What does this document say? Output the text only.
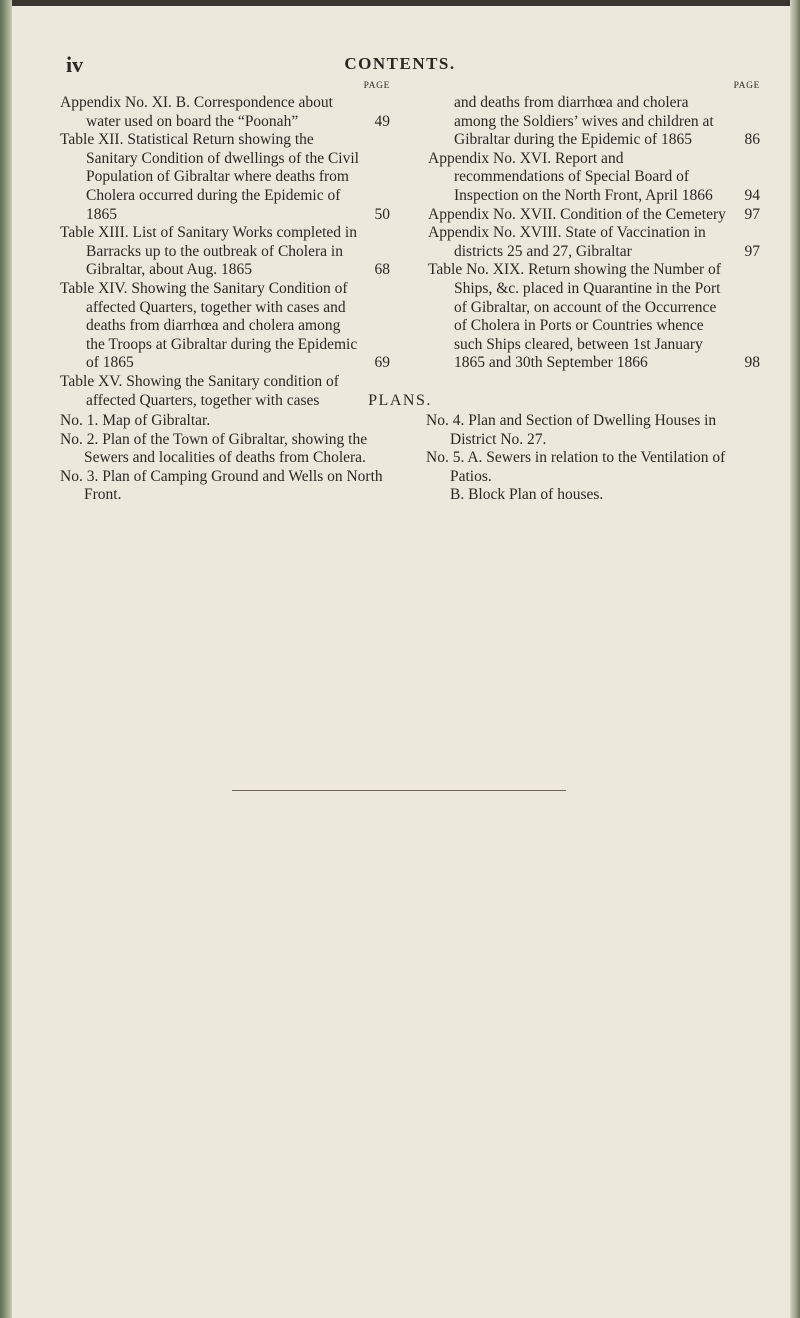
iv	CONTENTS.
PAGE
Appendix No. XI. B. Correspondence about water used on board the “Poonah”	49
Table XII. Statistical Return showing the Sanitary Condition of dwellings of the Civil Population of Gibraltar where deaths from Cholera occurred during the Epidemic of 1865	50
Table XIII. List of Sanitary Works completed in Barracks up to the outbreak of Cholera in Gibraltar, about Aug. 1865	68
Table XIV. Showing the Sanitary Condition of affected Quarters, together with cases and deaths from diarrhœa and cholera among the Troops at Gibraltar during the Epidemic of 1865	69
Table XV. Showing the Sanitary condition of affected Quarters, together with cases
PAGE
and deaths from diarrhœa and cholera among the Soldiers’ wives and children at Gibraltar during the Epidemic of 1865	86
Appendix No. XVI. Report and recommendations of Special Board of Inspection on the North Front, April 1866 94
Appendix No. XVII. Condition of the Cemetery 97
Appendix No. XVIII. State of Vaccination in districts 25 and 27, Gibraltar	97
Table No. XIX. Return showing the Number of Ships, &c. placed in Quarantine in the Port of Gibraltar, on account of the Occurrence of Cholera in Ports or Countries whence such Ships cleared, between 1st January 1865 and 30th September 1866	98
PLANS.
No. 1. Map of Gibraltar.
No. 2. Plan of the Town of Gibraltar, showing the Sewers and localities of deaths from Cholera.
No. 3. Plan of Camping Ground and Wells on North Front.
No. 4. Plan and Section of Dwelling Houses in District No. 27.
No. 5. A. Sewers in relation to the Ventilation of Patios.
B. Block Plan of houses.
